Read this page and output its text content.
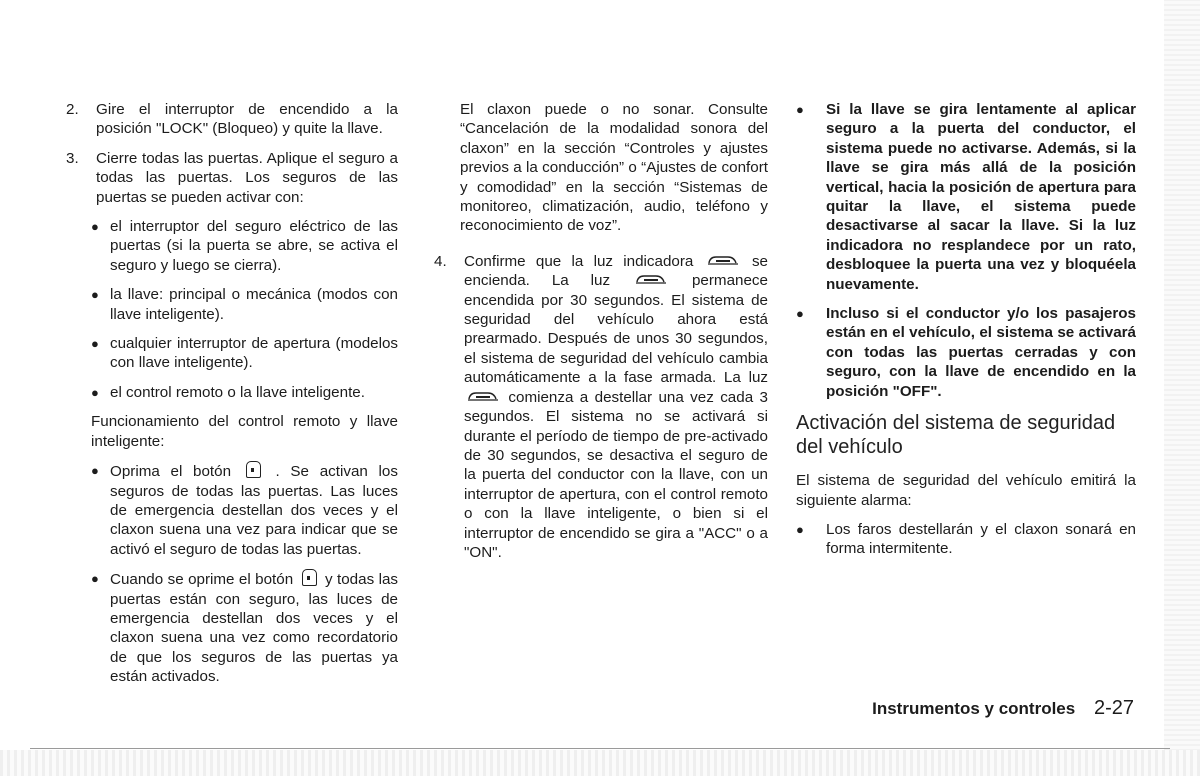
2.	Gire el interruptor de encendido a la posición "LOCK" (Bloqueo) y quite la llave.
3.	Cierre todas las puertas. Aplique el seguro a todas las puertas. Los seguros de las puertas se pueden activar con:
● el interruptor del seguro eléctrico de las puertas (si la puerta se abre, se activa el seguro y luego se cierra).
● la llave: principal o mecánica (modos con llave inteligente).
● cualquier interruptor de apertura (modelos con llave inteligente).
● el control remoto o la llave inteligente.
Funcionamiento del control remoto y llave inteligente:
● Oprima el botón	. Se activan los seguros de todas las puertas. Las luces de emergencia destellan dos veces y el claxon suena una vez para indicar que se activó el seguro de todas las puertas.
● Cuando se oprime el botón y todas las puertas están con seguro, las luces de emergencia destellan dos veces y el claxon suena una vez como recordatorio de que los seguros de las puertas ya están activados.
El claxon puede o no sonar. Consulte “Cancelación de la modalidad sonora del claxon” en la sección “Controles y ajustes previos a la conducción” o “Ajustes de confort y comodidad” en la sección “Sistemas de monitoreo, climatización, audio, teléfono y reconocimiento de voz”.
4.	Confirme que la luz indicadora	se encienda. La luz	permanece encendida por 30 segundos. El sistema de seguridad del vehículo ahora está prearmado. Después de unos 30 segundos, el sistema de seguridad del vehículo cambia automáticamente a la fase armada. La luz  comienza a destellar una vez cada 3 segundos. El sistema no se activará si durante el período de tiempo de pre-activado de 30 segundos, se desactiva el seguro de la puerta del conductor con la llave, con un interruptor de apertura, con el control remoto o con la llave inteligente, o bien si el interruptor de encendido se gira a "ACC" o a "ON".
●	Si la llave se gira lentamente al aplicar seguro a la puerta del conductor, el sistema puede no activarse. Además, si la llave se gira más allá de la posición vertical, hacia la posición de apertura para quitar la llave, el sistema puede desactivarse al sacar la llave. Si la luz indicadora no resplandece por un rato, desbloquee la puerta una vez y bloquéela nuevamente.
●	Incluso si el conductor y/o los pasajeros están en el vehículo, el sistema se activará con todas las puertas cerradas y con seguro, con la llave de encendido en la posición "OFF".
Activación del sistema de seguridad del vehículo
El sistema de seguridad del vehículo emitirá la siguiente alarma:
●	Los faros destellarán y el claxon sonará en forma intermitente.
Instrumentos y controles 2-27
